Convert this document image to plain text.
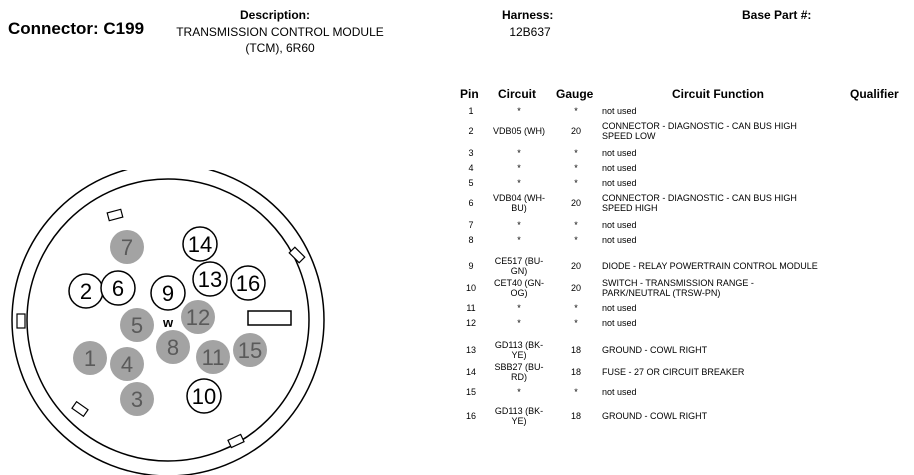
Connector: C199
Description:
TRANSMISSION CONTROL MODULE
(TCM), 6R60
Harness:
12B637
Base Part #:
1
2
3
4
5
6
7
8
9
10
11
12
13
14
15
16
w
Pin Circuit Gauge	Circuit Function	Qualifier
1	*	*	not used
2	VDB05 (WH)	20	CONNECTOR - DIAGNOSTIC - CAN BUS HIGH
SPEED LOW
3	*	*	not used
4	*	*	not used
5	*	*	not used
6	VDB04 (WH-
BU)	20	CONNECTOR - DIAGNOSTIC - CAN BUS HIGH
SPEED HIGH
7	*	*	not used
8	*	*	not used
9	CE517 (BU-
GN)	20	DIODE - RELAY POWERTRAIN CONTROL MODULE
10	CET40 (GN-
OG)	20	SWITCH - TRANSMISSION RANGE -
PARK/NEUTRAL (TRSW-PN)
11	*	*	not used
12	*	*	not used
13	GD113 (BK-
YE)	18	GROUND - COWL RIGHT
14	SBB27 (BU-
RD)	18	FUSE - 27 OR CIRCUIT BREAKER
15	*	*	not used
16	GD113 (BK-
YE)	18	GROUND - COWL RIGHT
